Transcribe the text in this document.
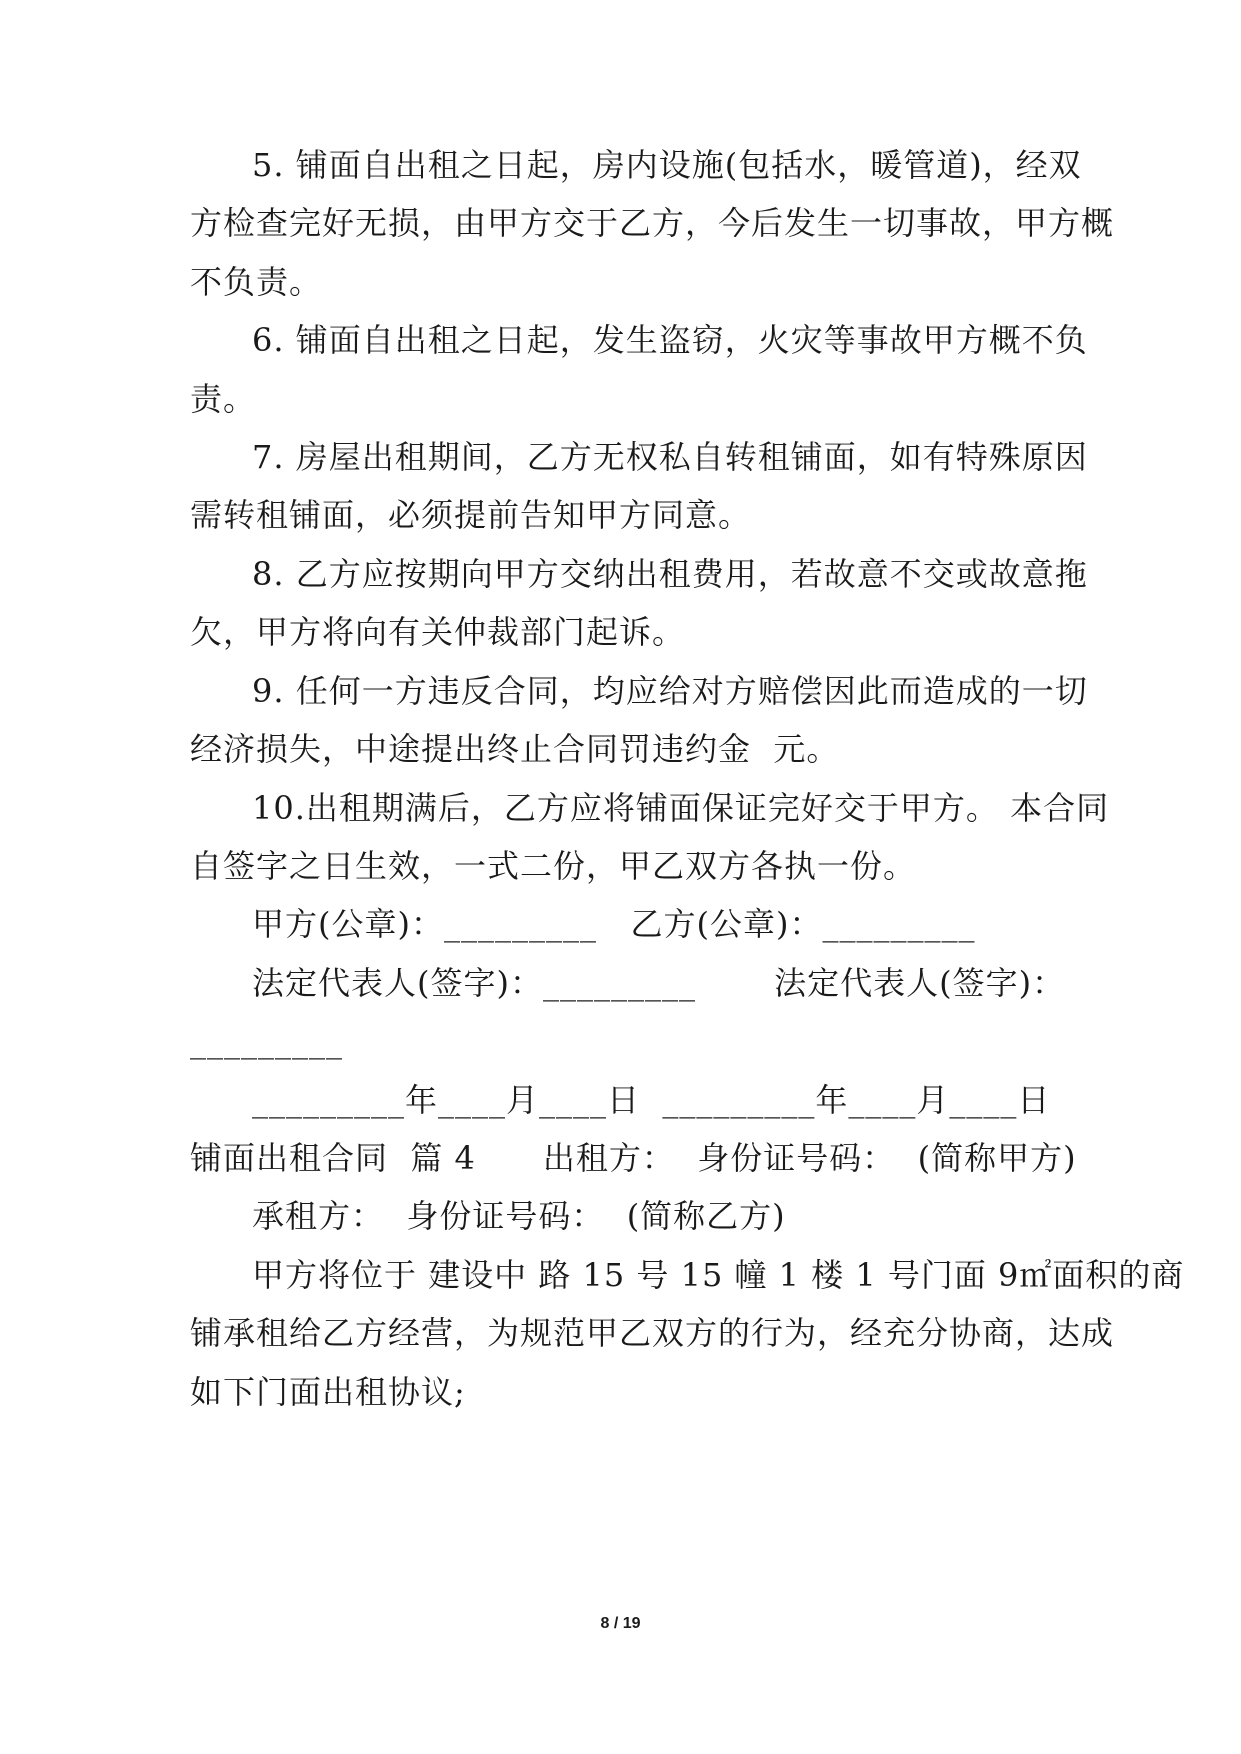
5. 铺面自出租之日起，房内设施(包括水，暖管道)，经双
方检查完好无损，由甲方交于乙方，今后发生一切事故，甲方概
不负责。
6. 铺面自出租之日起，发生盗窃，火灾等事故甲方概不负
责。
7. 房屋出租期间，乙方无权私自转租铺面，如有特殊原因
需转租铺面，必须提前告知甲方同意。
8. 乙方应按期向甲方交纳出租费用，若故意不交或故意拖
欠，甲方将向有关仲裁部门起诉。
9. 任何一方违反合同，均应给对方赔偿因此而造成的一切
经济损失，中途提出终止合同罚违约金  元。
10.出租期满后，乙方应将铺面保证完好交于甲方。 本合同
自签字之日生效，一式二份，甲乙双方各执一份。
甲方(公章)：_________   乙方(公章)：_________
法定代表人(签字)：_________       法定代表人(签字)：
_________
_________年____月____日  _________年____月____日
铺面出租合同  篇 4      出租方：  身份证号码：  (简称甲方)
承租方：  身份证号码：  (简称乙方)
甲方将位于 建设中 路 15 号 15 幢 1 楼 1 号门面 9㎡面积的商
铺承租给乙方经营，为规范甲乙双方的行为，经充分协商，达成
如下门面出租协议;
8 / 19
